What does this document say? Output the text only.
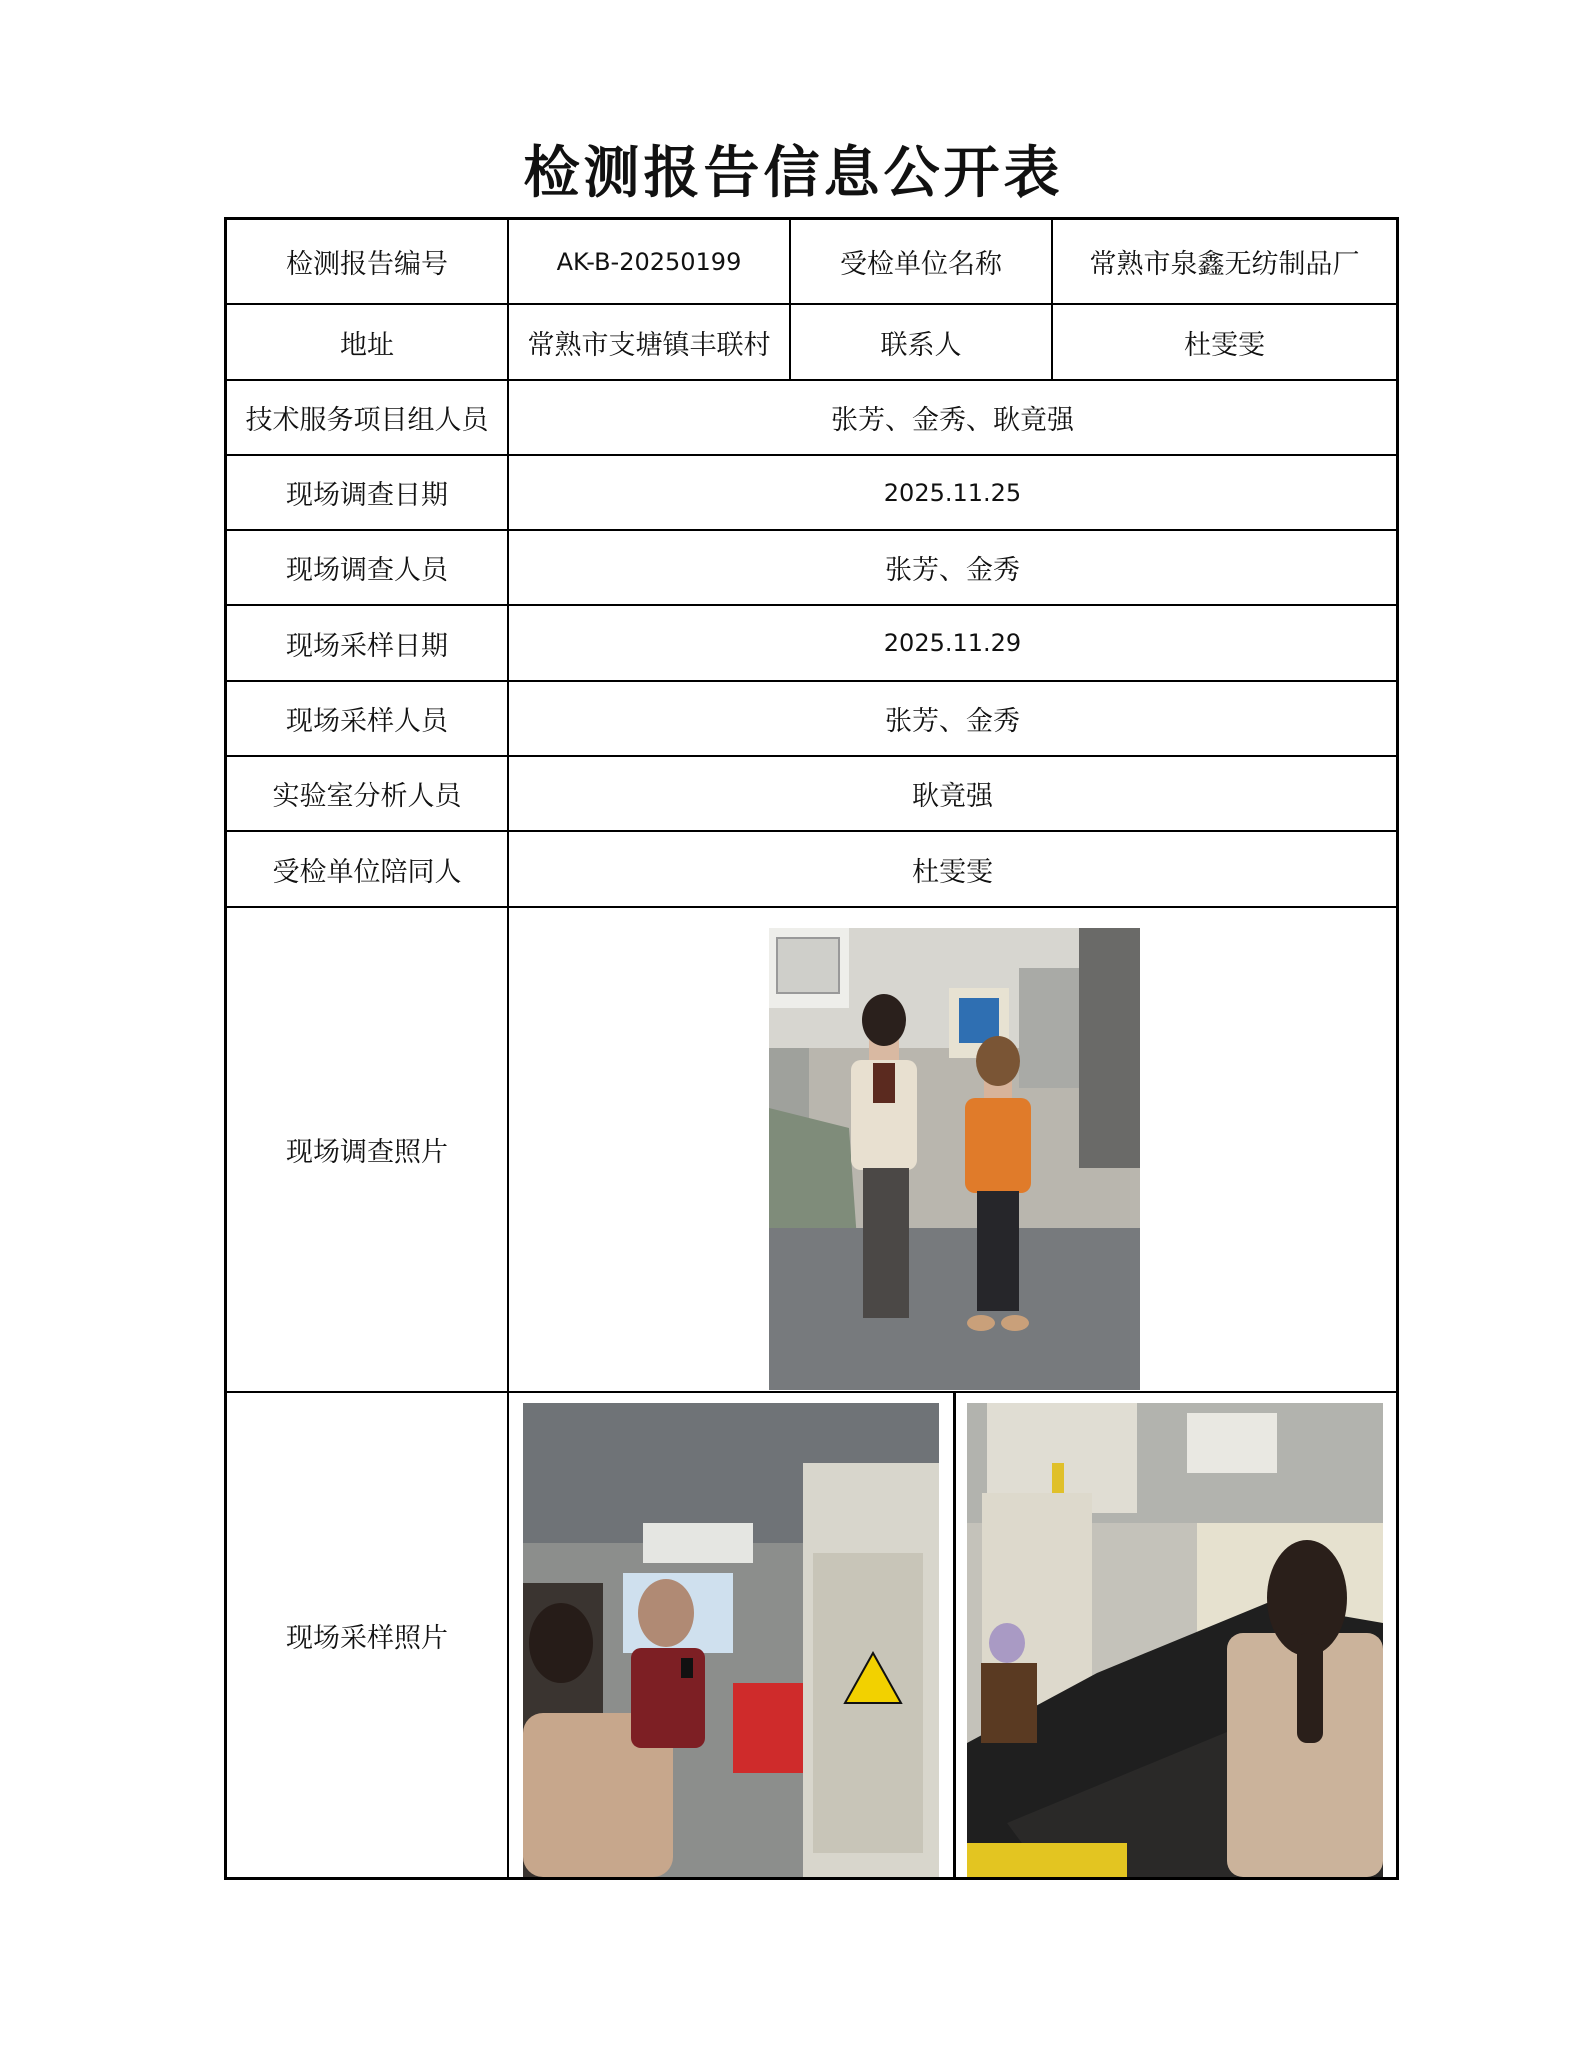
检测报告信息公开表
检测报告编号	AK-B-20250199	受检单位名称	常熟市泉鑫无纺制品厂
地址	常熟市支塘镇丰联村	联系人	杜雯雯
技术服务项目组人员	张芳、金秀、耿竟强
现场调查日期	2025.11.25
现场调查人员	张芳、金秀
现场采样日期	2025.11.29
现场采样人员	张芳、金秀
实验室分析人员	耿竟强
受检单位陪同人	杜雯雯
现场调查照片
现场采样照片
